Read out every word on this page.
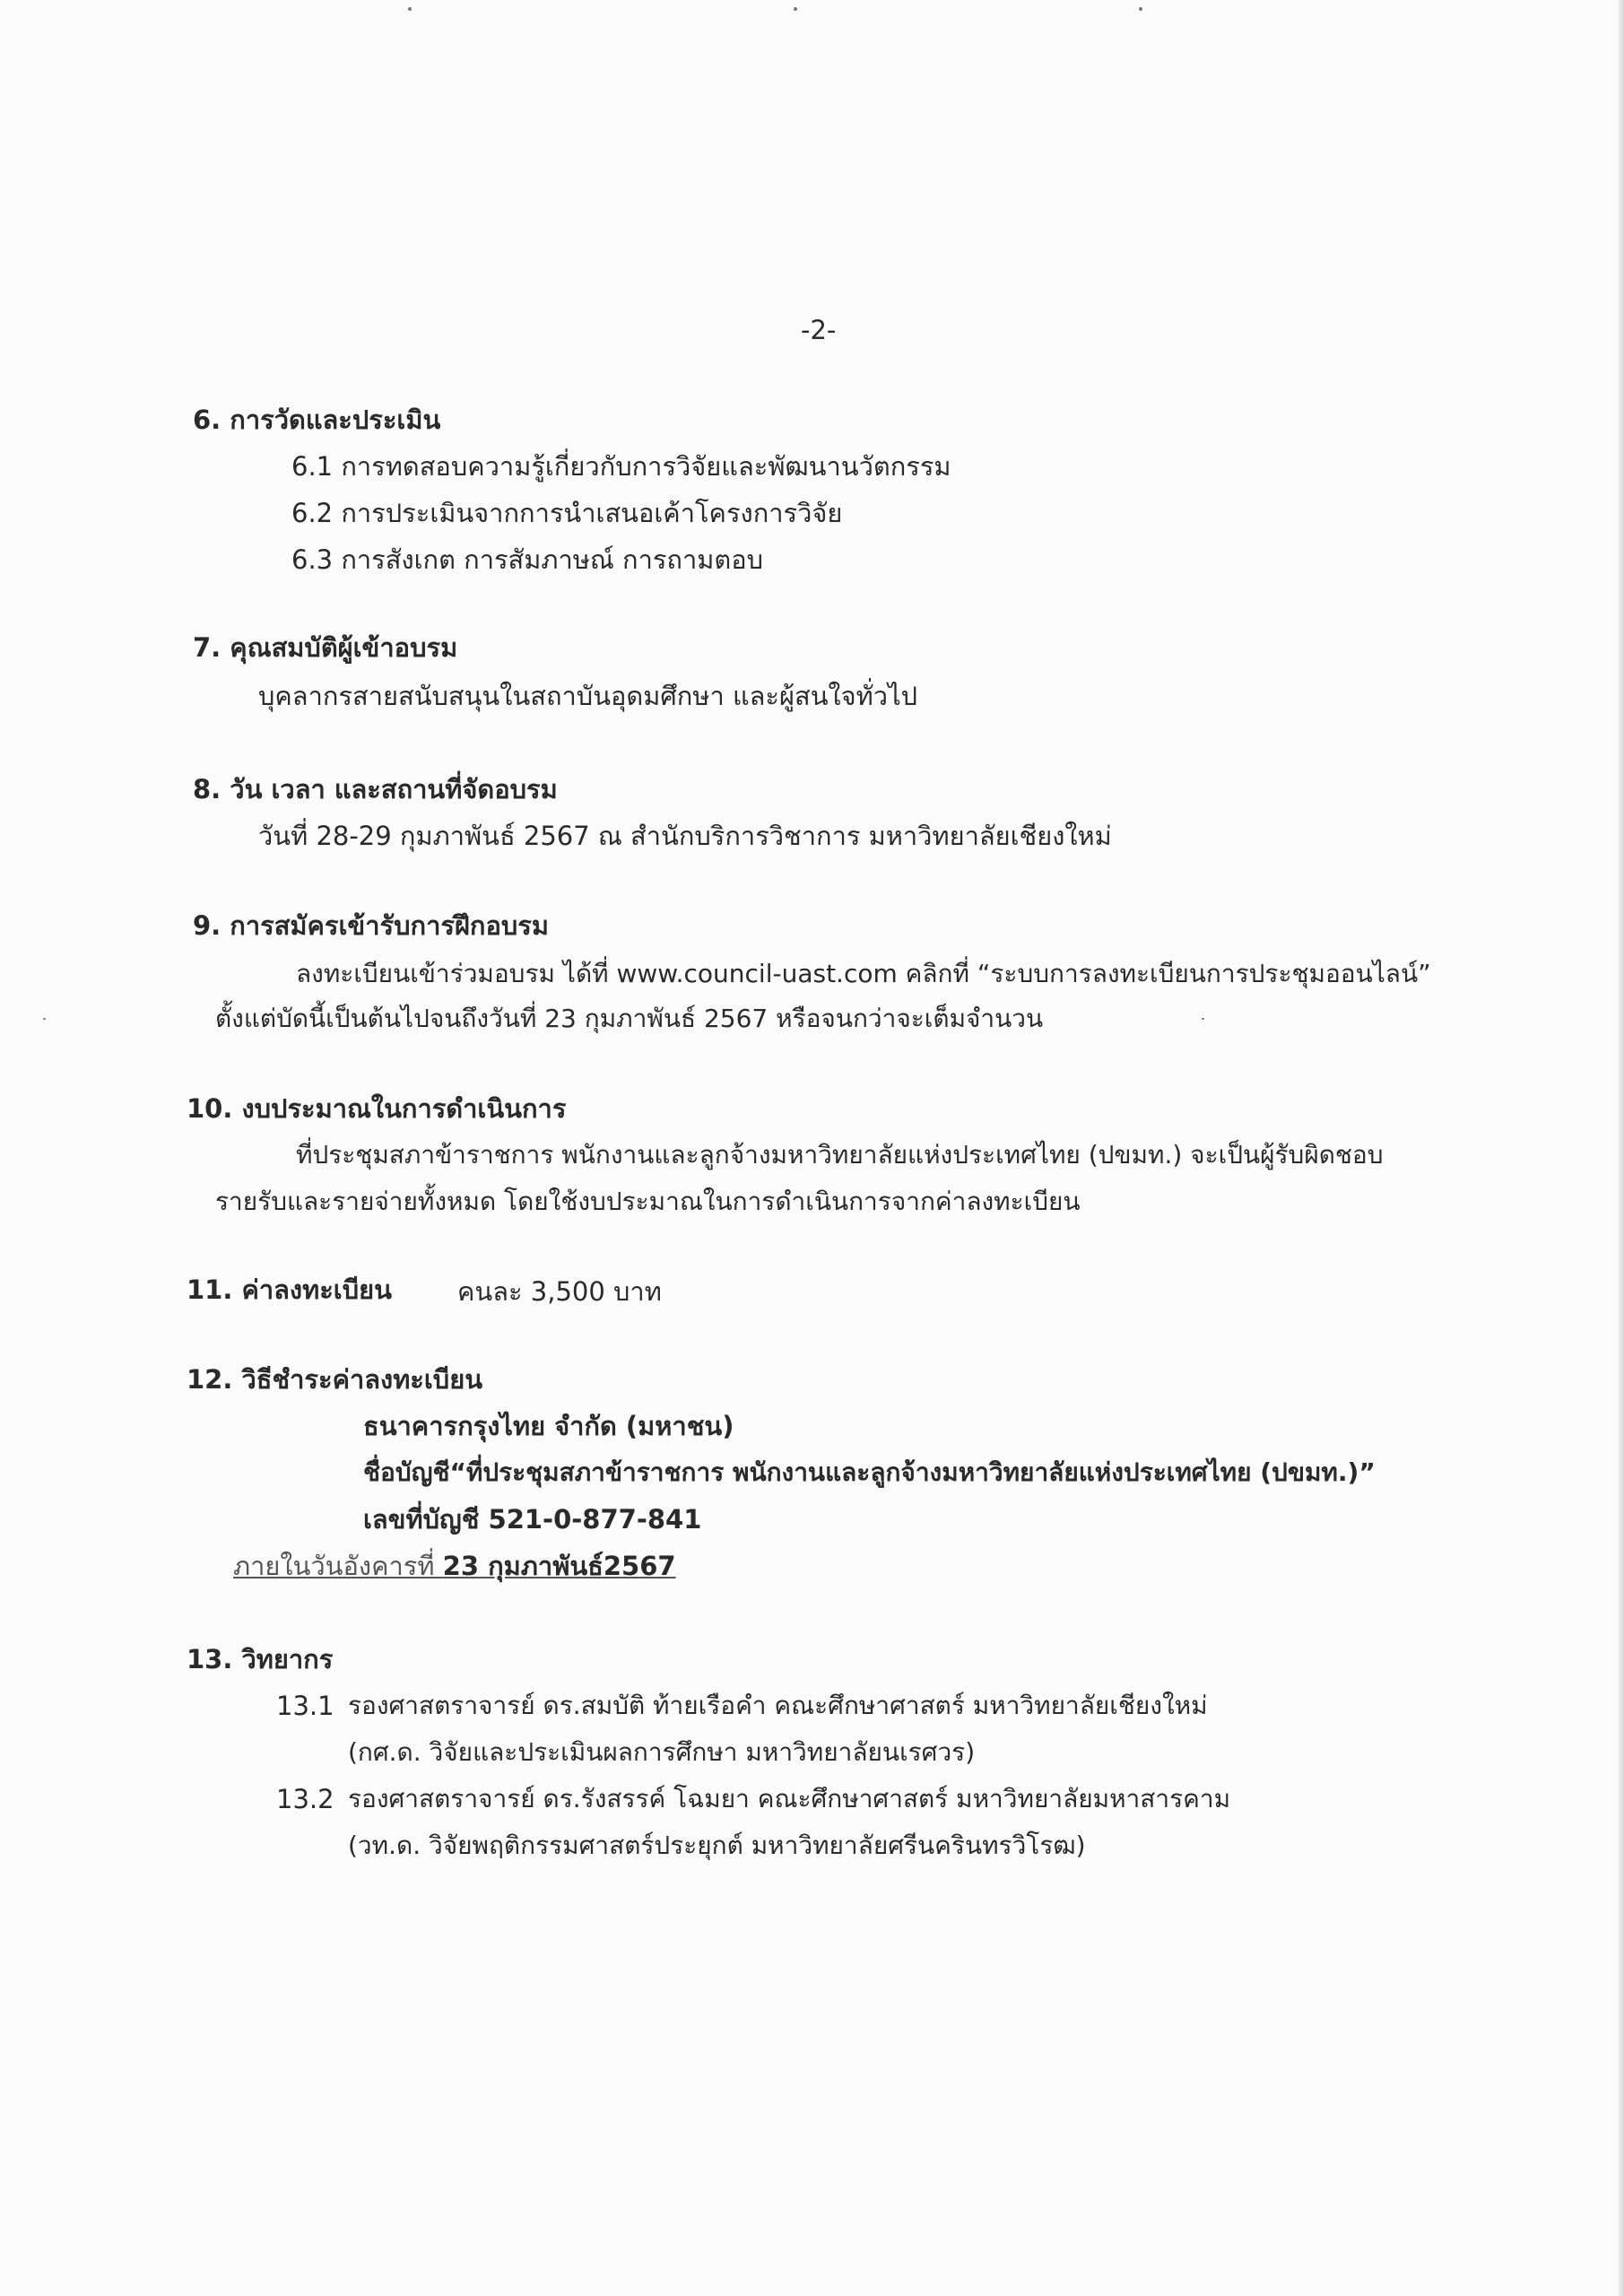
-2-
6. การวัดและประเมิน
6.1 การทดสอบความรู้เกี่ยวกับการวิจัยและพัฒนานวัตกรรม
6.2 การประเมินจากการนำเสนอเค้าโครงการวิจัย
6.3 การสังเกต การสัมภาษณ์ การถามตอบ
7. คุณสมบัติผู้เข้าอบรม
บุคลากรสายสนับสนุนในสถาบันอุดมศึกษา และผู้สนใจทั่วไป
8. วัน เวลา และสถานที่จัดอบรม
วันที่ 28-29 กุมภาพันธ์ 2567 ณ สำนักบริการวิชาการ มหาวิทยาลัยเชียงใหม่
9. การสมัครเข้ารับการฝึกอบรม
ลงทะเบียนเข้าร่วมอบรม ได้ที่ www.council-uast.com คลิกที่ “ระบบการลงทะเบียนการประชุมออนไลน์”
ตั้งแต่บัดนี้เป็นต้นไปจนถึงวันที่ 23 กุมภาพันธ์ 2567 หรือจนกว่าจะเต็มจำนวน
10. งบประมาณในการดำเนินการ
ที่ประชุมสภาข้าราชการ พนักงานและลูกจ้างมหาวิทยาลัยแห่งประเทศไทย (ปขมท.) จะเป็นผู้รับผิดชอบ
รายรับและรายจ่ายทั้งหมด โดยใช้งบประมาณในการดำเนินการจากค่าลงทะเบียน
11. ค่าลงทะเบียน	คนละ 3,500 บาท
12. วิธีชำระค่าลงทะเบียน
ธนาคารกรุงไทย จำกัด (มหาชน)
ชื่อบัญชี“ที่ประชุมสภาข้าราชการ พนักงานและลูกจ้างมหาวิทยาลัยแห่งประเทศไทย (ปขมท.)”
เลขที่บัญชี 521-0-877-841
ภายในวันอังคารที่ 23 กุมภาพันธ์2567
13. วิทยากร
13.1 รองศาสตราจารย์ ดร.สมบัติ ท้ายเรือคำ คณะศึกษาศาสตร์ มหาวิทยาลัยเชียงใหม่
(กศ.ด. วิจัยและประเมินผลการศึกษา มหาวิทยาลัยนเรศวร)
13.2 รองศาสตราจารย์ ดร.รังสรรค์ โฉมยา คณะศึกษาศาสตร์ มหาวิทยาลัยมหาสารคาม
(วท.ด. วิจัยพฤติกรรมศาสตร์ประยุกต์ มหาวิทยาลัยศรีนครินทรวิโรฒ)
